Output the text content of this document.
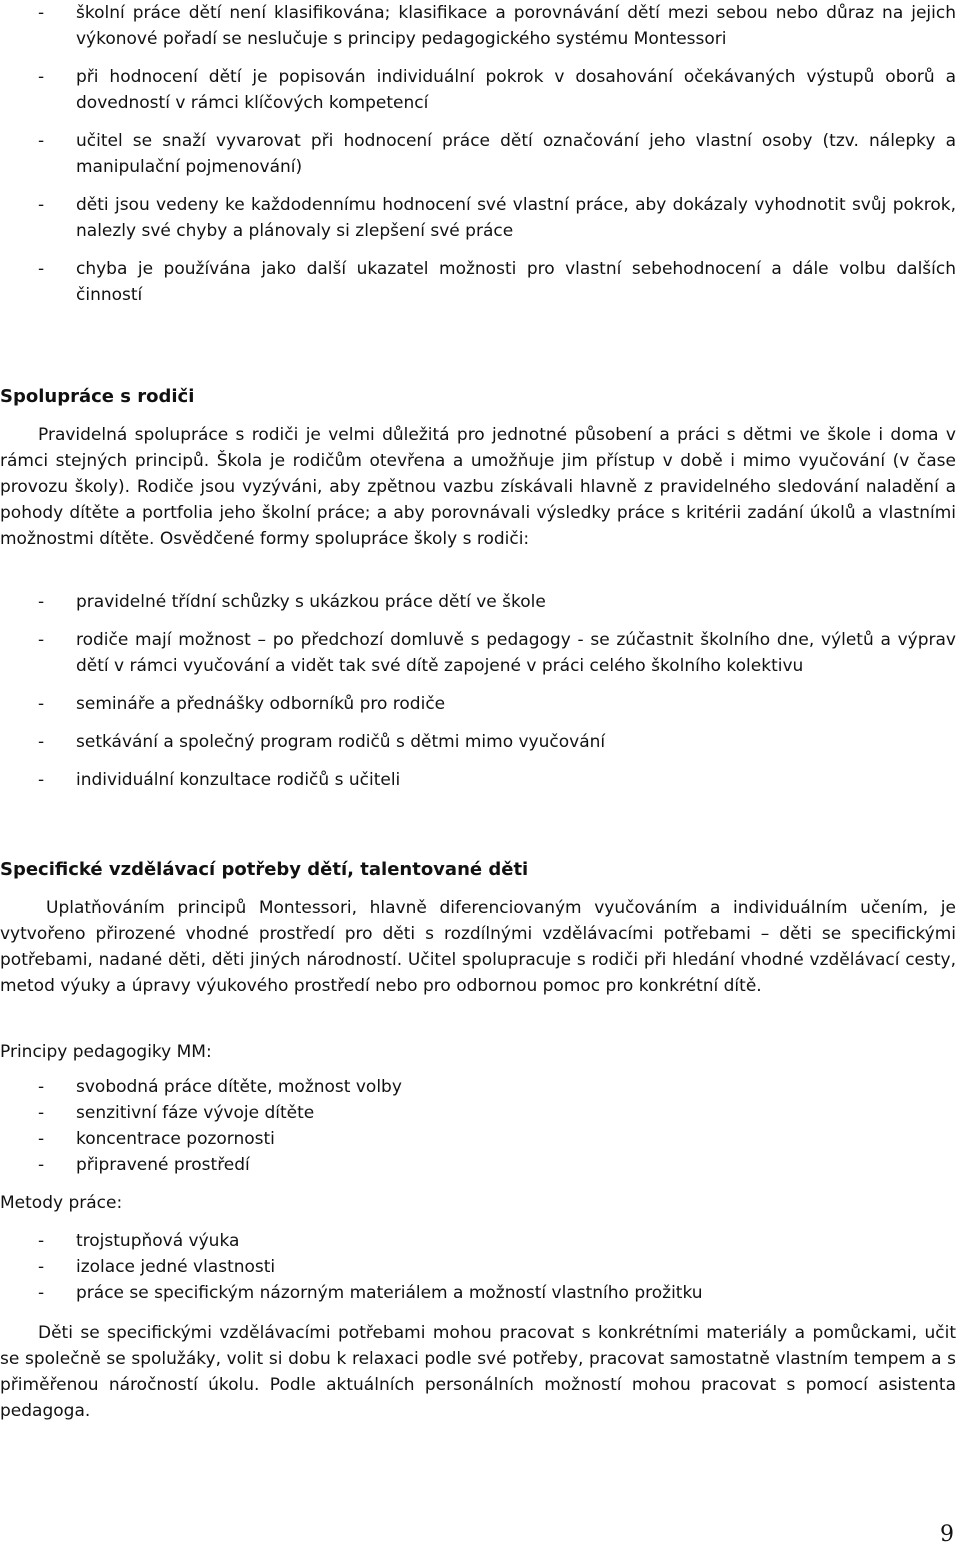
- školní práce dětí není klasifikována; klasifikace a porovnávání dětí mezi sebou nebo důraz na jejich výkonové pořadí se neslučuje s principy pedagogického systému Montessori
- při hodnocení dětí je popisován individuální pokrok v dosahování očekávaných výstupů oborů a dovedností v rámci klíčových kompetencí
- učitel se snaží vyvarovat při hodnocení práce dětí označování jeho vlastní osoby (tzv. nálepky a manipulační pojmenování)
- děti jsou vedeny ke každodennímu hodnocení své vlastní práce, aby dokázaly vyhodnotit svůj pokrok, nalezly své chyby a plánovaly si zlepšení své práce
- chyba je používána jako další ukazatel možnosti pro vlastní sebehodnocení a dále volbu dalších činností
Spolupráce s rodiči

Pravidelná spolupráce s rodiči je velmi důležitá pro jednotné působení a práci s dětmi ve škole i doma v rámci stejných principů. Škola je rodičům otevřena a umožňuje jim přístup v době i mimo vyučování (v čase provozu školy). Rodiče jsou vyzýváni, aby zpětnou vazbu získávali hlavně z pravidelného sledování naladění a pohody dítěte a portfolia jeho školní práce; a aby porovnávali výsledky práce s kritérii zadání úkolů a vlastními možnostmi dítěte. Osvědčené formy spolupráce školy s rodiči:

- pravidelné třídní schůzky s ukázkou práce dětí ve škole
- rodiče mají možnost – po předchozí domluvě s pedagogy - se zúčastnit školního dne, výletů a výprav dětí v rámci vyučování a vidět tak své dítě zapojené v práci celého školního kolektivu
- semináře a přednášky odborníků pro rodiče
- setkávání a společný program rodičů s dětmi mimo vyučování
- individuální konzultace rodičů s učiteli
Specifické vzdělávací potřeby dětí, talentované děti

Uplatňováním principů Montessori, hlavně diferenciovaným vyučováním a individuálním učením, je vytvořeno přirozené vhodné prostředí pro děti s rozdílnými vzdělávacími potřebami – děti se specifickými potřebami, nadané děti, děti jiných národností. Učitel spolupracuje s rodiči při hledání vhodné vzdělávací cesty, metod výuky a úpravy výukového prostředí nebo pro odbornou pomoc pro konkrétní dítě.

Principy pedagogiky MM:

- svobodná práce dítěte, možnost volby
- senzitivní fáze vývoje dítěte
- koncentrace pozornosti
- připravené prostředí

Metody práce:

- trojstupňová výuka
- izolace jedné vlastnosti
- práce se specifickým názorným materiálem a možností vlastního prožitku

Děti se specifickými vzdělávacími potřebami mohou pracovat s konkrétními materiály a pomůckami, učit se společně se spolužáky, volit si dobu k relaxaci podle své potřeby, pracovat samostatně vlastním tempem a s přiměřenou náročností úkolu. Podle aktuálních personálních možností mohou pracovat s pomocí asistenta pedagoga.

9
